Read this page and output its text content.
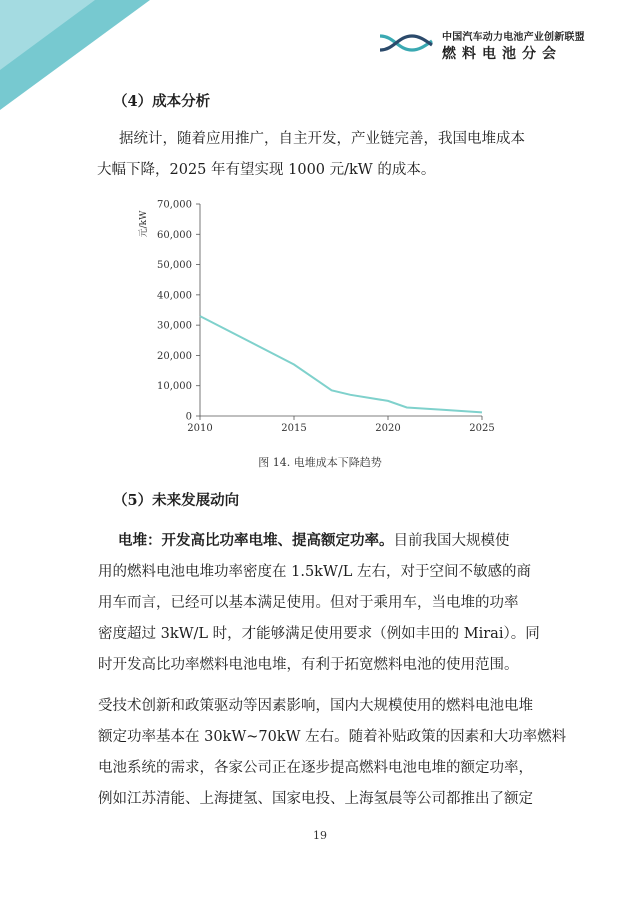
中国汽车动力电池产业创新联盟
燃料电池分会
（4）成本分析

据统计，随着应用推广，自主开发，产业链完善，我国电堆成本

大幅下降，2025 年有望实现 1000 元/kW 的成本。

0
10,000
20,000
30,000
40,000
50,000
60,000
70,000
2010	2015	2020	2025
元/kW
图 14. 电堆成本下降趋势
（5）未来发展动向

电堆：开发高比功率电堆、提高额定功率。目前我国大规模使

用的燃料电池电堆功率密度在 1.5kW/L 左右，对于空间不敏感的商

用车而言，已经可以基本满足使用。但对于乘用车，当电堆的功率

密度超过 3kW/L 时，才能够满足使用要求（例如丰田的 Mirai）。同

时开发高比功率燃料电池电堆，有利于拓宽燃料电池的使用范围。

受技术创新和政策驱动等因素影响，国内大规模使用的燃料电池电堆

额定功率基本在 30kW~70kW 左右。随着补贴政策的因素和大功率燃料

电池系统的需求，各家公司正在逐步提高燃料电池电堆的额定功率，

例如江苏清能、上海捷氢、国家电投、上海氢晨等公司都推出了额定

19
